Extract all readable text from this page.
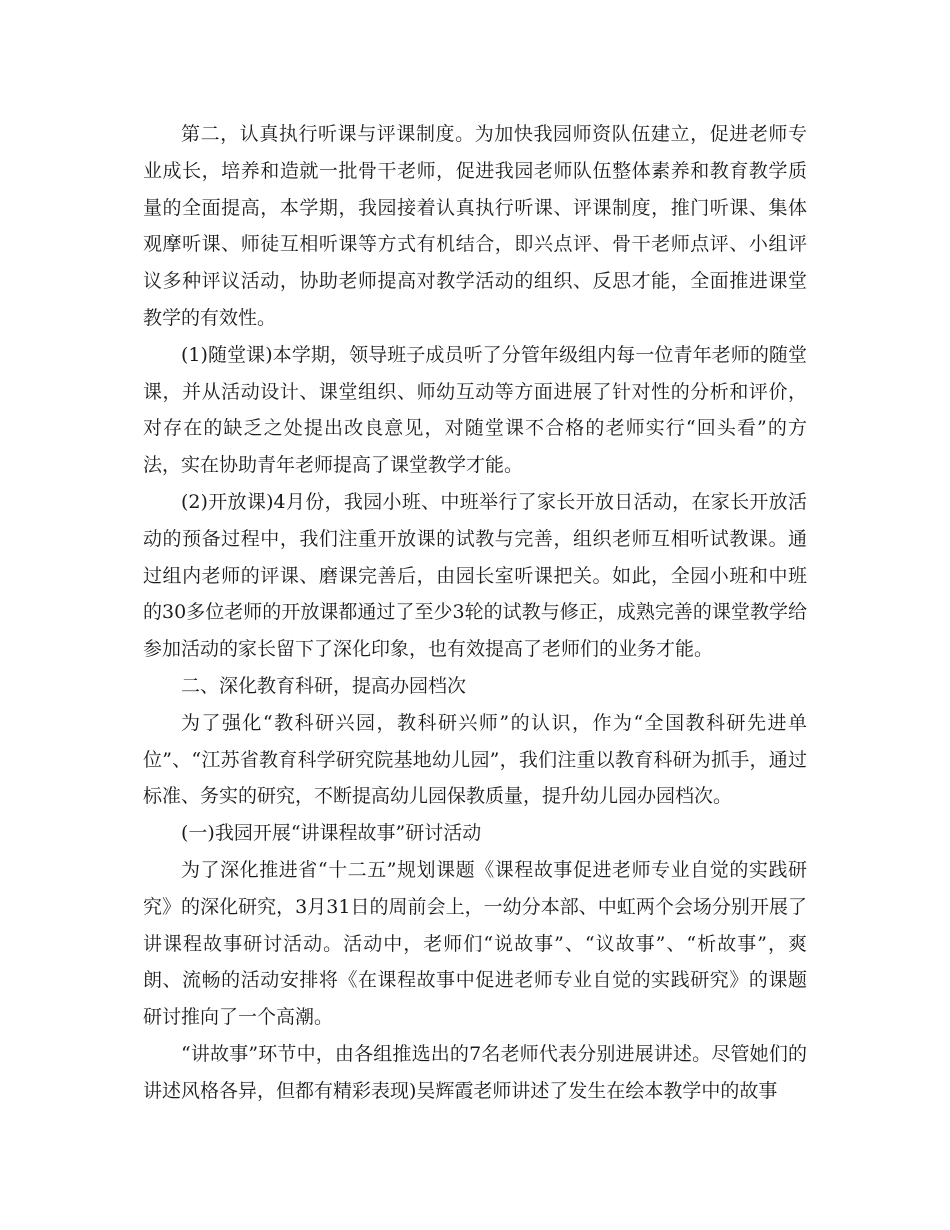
第二，认真执行听课与评课制度。为加快我园师资队伍建立，促进老师专业成长，培养和造就一批骨干老师，促进我园老师队伍整体素养和教育教学质量的全面提高，本学期，我园接着认真执行听课、评课制度，推门听课、集体观摩听课、师徒互相听课等方式有机结合，即兴点评、骨干老师点评、小组评议多种评议活动，协助老师提高对教学活动的组织、反思才能，全面推进课堂教学的有效性。

(1)随堂课)本学期，领导班子成员听了分管年级组内每一位青年老师的随堂课，并从活动设计、课堂组织、师幼互动等方面进展了针对性的分析和评价，对存在的缺乏之处提出改良意见，对随堂课不合格的老师实行“回头看”的方法，实在协助青年老师提高了课堂教学才能。

(2)开放课)4月份，我园小班、中班举行了家长开放日活动，在家长开放活动的预备过程中，我们注重开放课的试教与完善，组织老师互相听试教课。通过组内老师的评课、磨课完善后，由园长室听课把关。如此，全园小班和中班的30多位老师的开放课都通过了至少3轮的试教与修正，成熟完善的课堂教学给参加活动的家长留下了深化印象，也有效提高了老师们的业务才能。

二、深化教育科研，提高办园档次

为了强化“教科研兴园，教科研兴师”的认识，作为“全国教科研先进单位”、“江苏省教育科学研究院基地幼儿园”，我们注重以教育科研为抓手，通过标准、务实的研究，不断提高幼儿园保教质量，提升幼儿园办园档次。

(一)我园开展“讲课程故事”研讨活动

为了深化推进省“十二五”规划课题《课程故事促进老师专业自觉的实践研究》的深化研究，3月31日的周前会上，一幼分本部、中虹两个会场分别开展了讲课程故事研讨活动。活动中，老师们“说故事”、“议故事”、“析故事”，爽朗、流畅的活动安排将《在课程故事中促进老师专业自觉的实践研究》的课题研讨推向了一个高潮。

“讲故事”环节中，由各组推选出的7名老师代表分别进展讲述。尽管她们的讲述风格各异，但都有精彩表现)吴辉霞老师讲述了发生在绘本教学中的故事
